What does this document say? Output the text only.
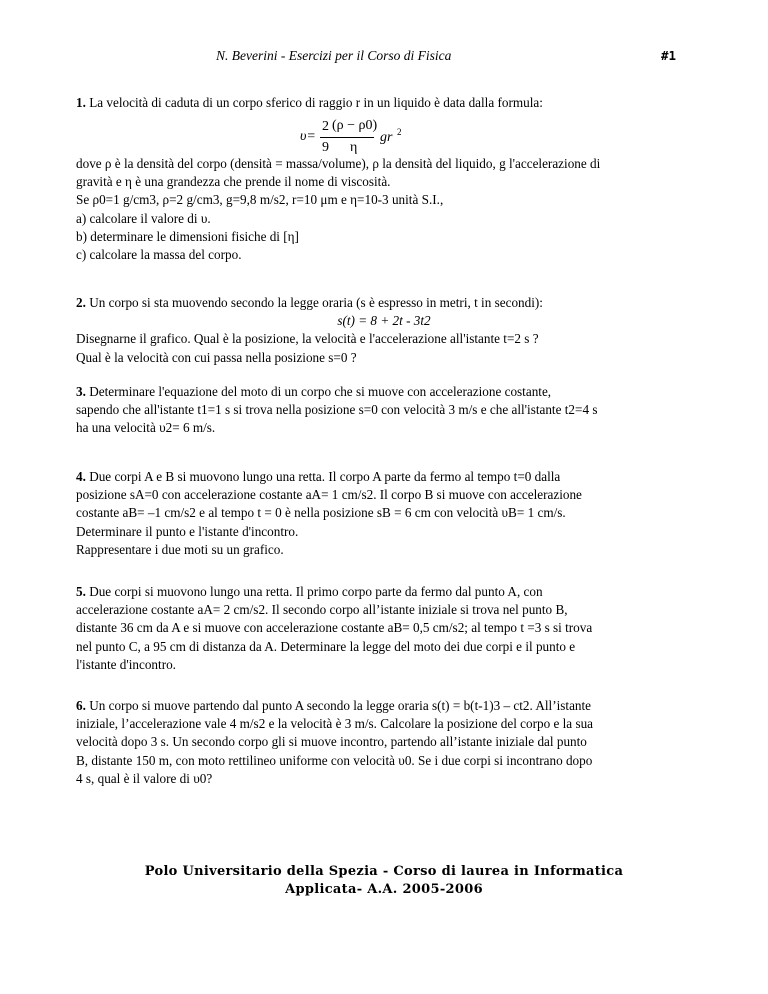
N. Beverini - Esercizi per il Corso di Fisica	#1
1. La velocità di caduta di un corpo sferico di raggio r in un liquido è data dalla formula:
υ=
2 (ρ − ρ0)
9 η
gr 2
dove ρ è la densità del corpo (densità = massa/volume), ρ la densità del liquido, g l'accelerazione di
gravità e η è una grandezza che prende il nome di viscosità.
Se ρ0=1 g/cm3, ρ=2 g/cm3, g=9,8 m/s2, r=10 μm e η=10-3 unità S.I.,
a) calcolare il valore di υ.
b) determinare le dimensioni fisiche di [η]
c) calcolare la massa del corpo.
2. Un corpo si sta muovendo secondo la legge oraria (s è espresso in metri, t in secondi):
s(t) = 8 + 2t - 3t2
Disegnarne il grafico. Qual è la posizione, la velocità e l'accelerazione all'istante t=2 s ?
Qual è la velocità con cui passa nella posizione s=0 ?
3. Determinare l'equazione del moto di un corpo che si muove con accelerazione costante,
sapendo che all'istante t1=1 s si trova nella posizione s=0 con velocità 3 m/s e che all'istante t2=4 s
ha una velocità υ2= 6 m/s.
4. Due corpi A e B si muovono lungo una retta. Il corpo A parte da fermo al tempo t=0 dalla
posizione sA=0 con accelerazione costante aA= 1 cm/s2. Il corpo B si muove con accelerazione
costante aB= –1 cm/s2 e al tempo t = 0 è nella posizione sB = 6 cm con velocità υB= 1 cm/s.
Determinare il punto e l'istante d'incontro.
Rappresentare i due moti su un grafico.
5. Due corpi si muovono lungo una retta. Il primo corpo parte da fermo dal punto A, con
accelerazione costante aA= 2 cm/s2. Il secondo corpo all’istante iniziale si trova nel punto B,
distante 36 cm da A e si muove con accelerazione costante aB= 0,5 cm/s2; al tempo t =3 s si trova
nel punto C, a 95 cm di distanza da A. Determinare la legge del moto dei due corpi e il punto e
l'istante d'incontro.
6. Un corpo si muove partendo dal punto A secondo la legge oraria s(t) = b(t-1)3 – ct2. All’istante
iniziale, l’accelerazione vale 4 m/s2 e la velocità è 3 m/s. Calcolare la posizione del corpo e la sua
velocità dopo 3 s. Un secondo corpo gli si muove incontro, partendo all’istante iniziale dal punto
B, distante 150 m, con moto rettilineo uniforme con velocità υ0. Se i due corpi si incontrano dopo
4 s, qual è il valore di υ0?
Polo Universitario della Spezia - Corso di laurea in Informatica
Applicata- A.A. 2005-2006
